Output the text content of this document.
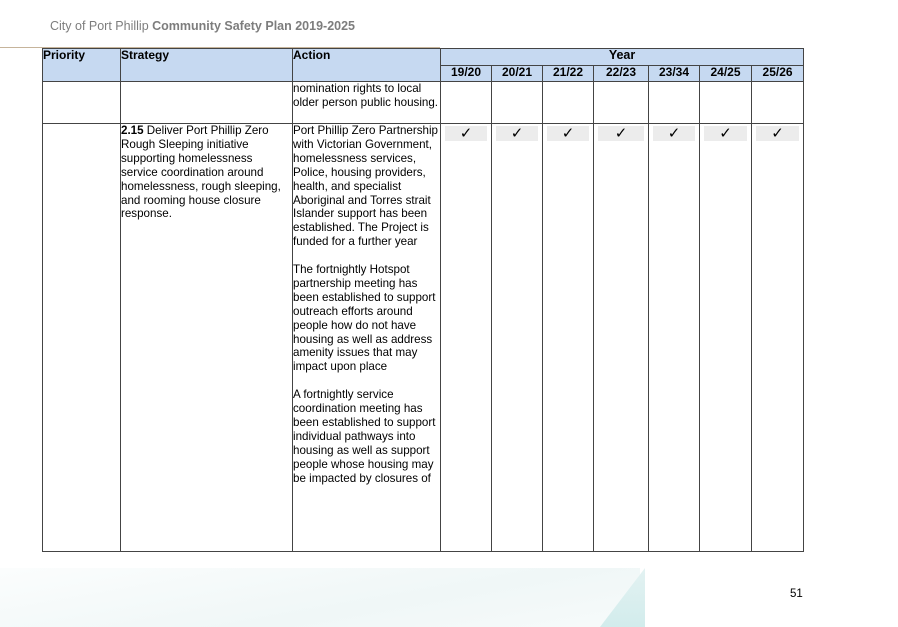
City of Port Phillip Community Safety Plan 2019-2025
Priority	Strategy	Action	Year						
			19/20	20/21	21/22	22/23	23/34	24/25	25/26
		nomination rights to local older person public housing.							
	2.15 Deliver Port Phillip Zero Rough Sleeping initiative supporting homelessness service coordination around homelessness, rough sleeping, and rooming house closure response.	Port Phillip Zero Partnership with Victorian Government, homelessness services, Police, housing providers, health, and specialist Aboriginal and Torres strait Islander support has been established. The Project is funded for a further year
The fortnightly Hotspot partnership meeting has been established to support outreach efforts around people how do not have housing as well as address amenity issues that may impact upon place
A fortnightly service coordination meeting has been established to support individual pathways into housing as well as support people whose housing may be impacted by closures of	✓	✓	✓	✓	✓	✓	✓
51
